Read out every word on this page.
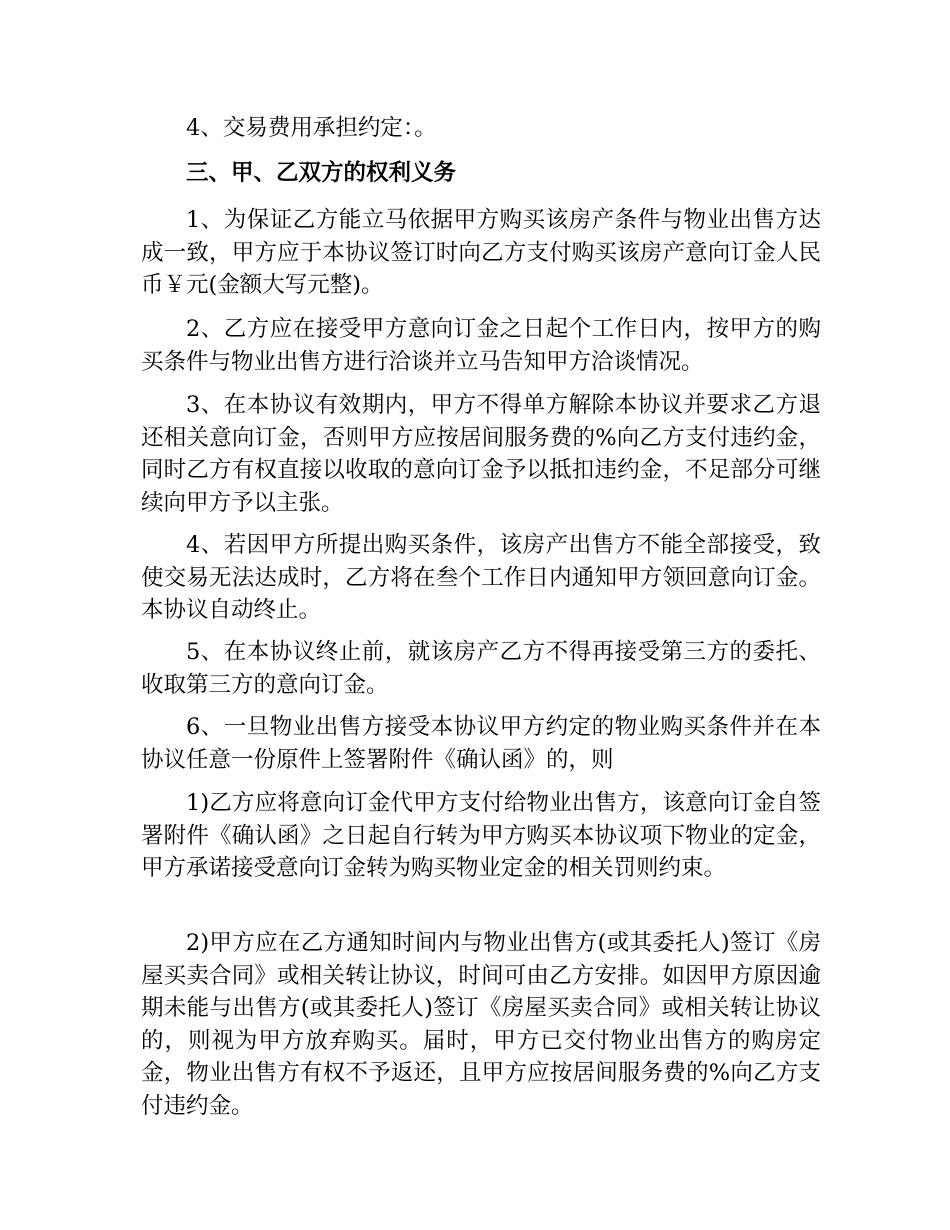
4、交易费用承担约定：。

三、甲、乙双方的权利义务

1、为保证乙方能立马依据甲方购买该房产条件与物业出售方达成一致，甲方应于本协议签订时向乙方支付购买该房产意向订金人民币￥元(金额大写元整)。

2、乙方应在接受甲方意向订金之日起个工作日内，按甲方的购买条件与物业出售方进行洽谈并立马告知甲方洽谈情况。

3、在本协议有效期内，甲方不得单方解除本协议并要求乙方退还相关意向订金，否则甲方应按居间服务费的%向乙方支付违约金，同时乙方有权直接以收取的意向订金予以抵扣违约金，不足部分可继续向甲方予以主张。

4、若因甲方所提出购买条件，该房产出售方不能全部接受，致使交易无法达成时，乙方将在叁个工作日内通知甲方领回意向订金。本协议自动终止。

5、在本协议终止前，就该房产乙方不得再接受第三方的委托、收取第三方的意向订金。

6、一旦物业出售方接受本协议甲方约定的物业购买条件并在本协议任意一份原件上签署附件《确认函》的，则

1)乙方应将意向订金代甲方支付给物业出售方，该意向订金自签署附件《确认函》之日起自行转为甲方购买本协议项下物业的定金，甲方承诺接受意向订金转为购买物业定金的相关罚则约束。

2)甲方应在乙方通知时间内与物业出售方(或其委托人)签订《房屋买卖合同》或相关转让协议，时间可由乙方安排。如因甲方原因逾期未能与出售方(或其委托人)签订《房屋买卖合同》或相关转让协议的，则视为甲方放弃购买。届时，甲方已交付物业出售方的购房定金，物业出售方有权不予返还，且甲方应按居间服务费的%向乙方支付违约金。
